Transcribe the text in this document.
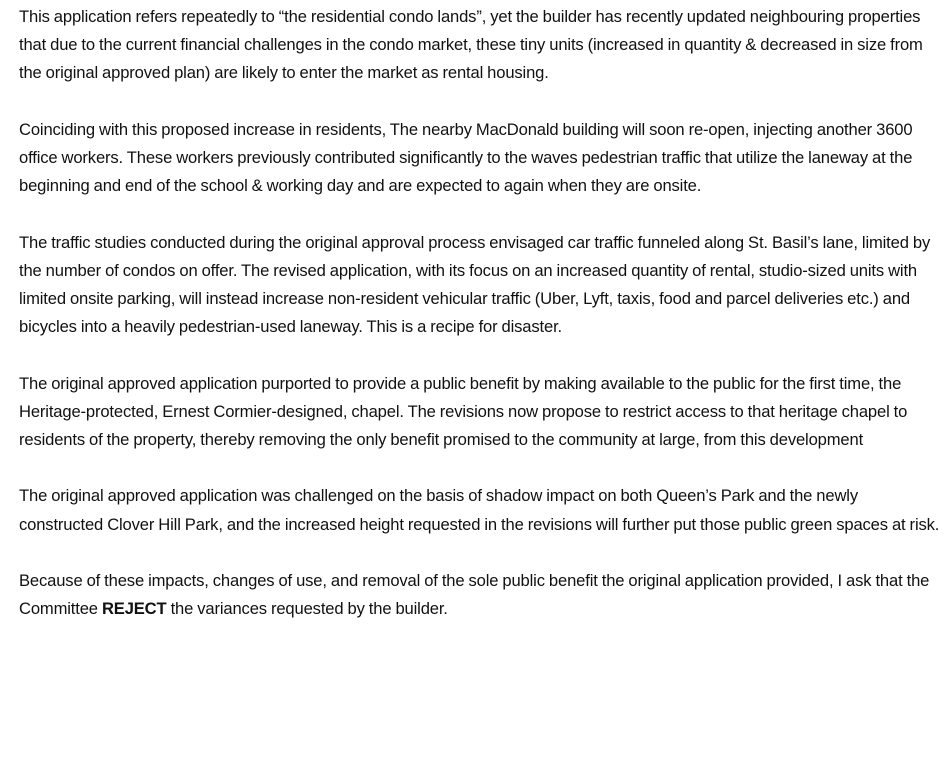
This application refers repeatedly to “the residential condo lands”, yet the builder has recently updated neighbouring properties that due to the current financial challenges in the condo market, these tiny units (increased in quantity & decreased in size from the original approved plan) are likely to enter the market as rental housing.

Coinciding with this proposed increase in residents, The nearby MacDonald building will soon re-open, injecting another 3600 office workers. These workers previously contributed significantly to the waves pedestrian traffic that utilize the laneway at the beginning and end of the school & working day and are expected to again when they are onsite.

The traffic studies conducted during the original approval process envisaged car traffic funneled along St. Basil’s lane, limited by the number of condos on offer. The revised application, with its focus on an increased quantity of rental, studio-sized units with limited onsite parking, will instead increase non-resident vehicular traffic (Uber, Lyft, taxis, food and parcel deliveries etc.) and bicycles into a heavily pedestrian-used laneway. This is a recipe for disaster.

The original approved application purported to provide a public benefit by making available to the public for the first time, the Heritage-protected, Ernest Cormier-designed, chapel. The revisions now propose to restrict access to that heritage chapel to residents of the property, thereby removing the only benefit promised to the community at large, from this development

The original approved application was challenged on the basis of shadow impact on both Queen’s Park and the newly constructed Clover Hill Park, and the increased height requested in the revisions will further put those public green spaces at risk.

Because of these impacts, changes of use, and removal of the sole public benefit the original application provided, I ask that the Committee REJECT the variances requested by the builder.
